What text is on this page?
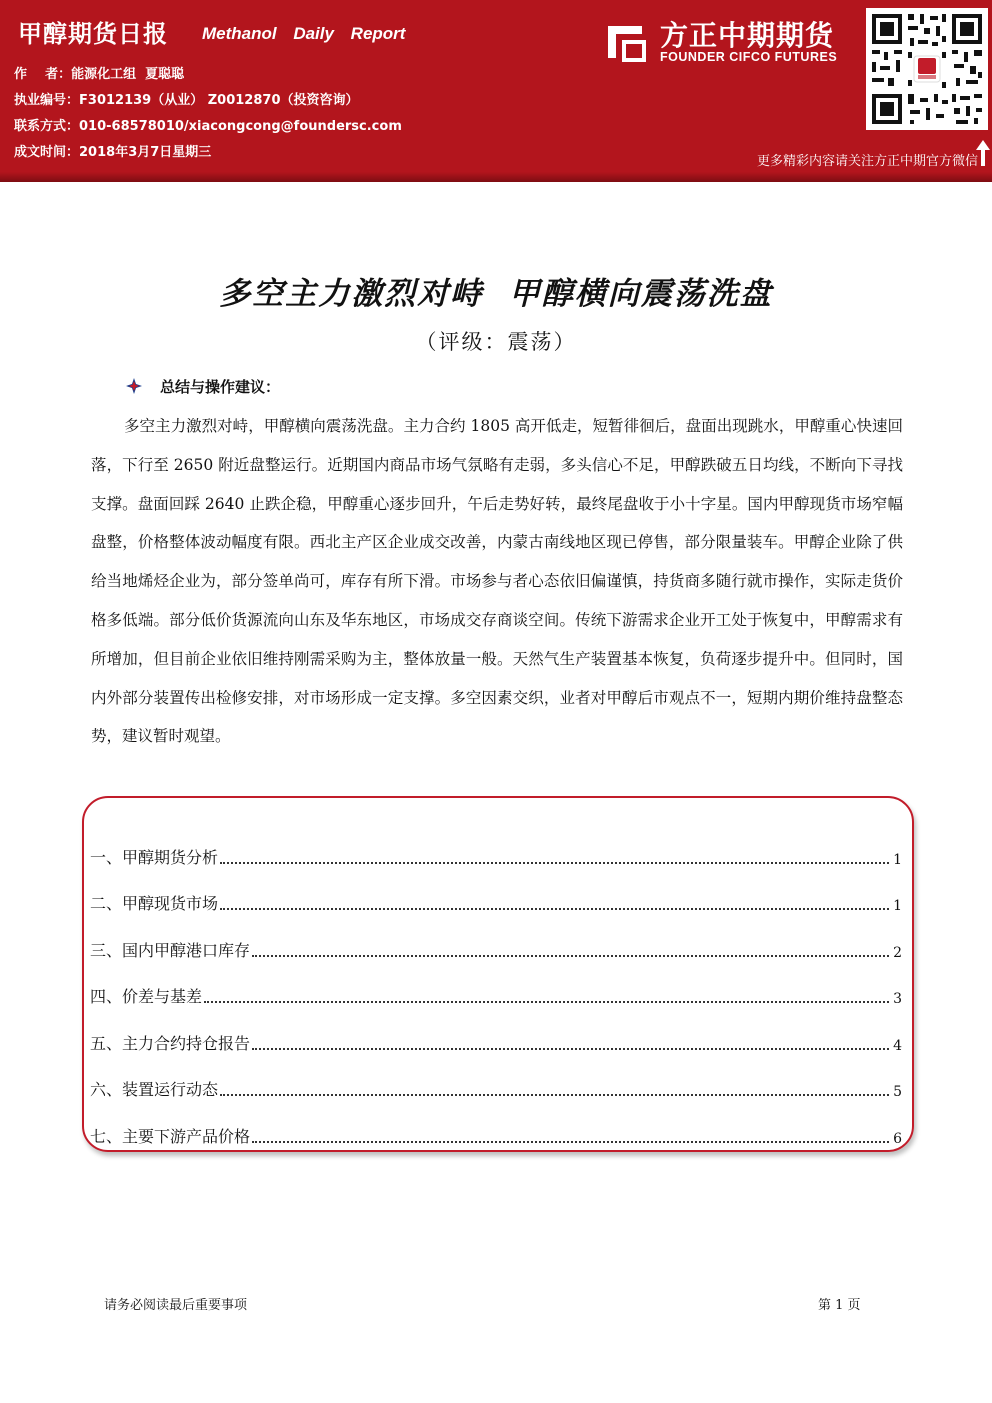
甲醇期货日报 Methanol Daily Report
作    者：能源化工组  夏聪聪
执业编号：F3012139（从业） Z0012870（投资咨询）
联系方式：010-68578010/xiacongcong@foundersc.com
成文时间：2018年3月7日星期三
方正中期期货
FOUNDER CIFCO FUTURES
更多精彩内容请关注方正中期官方微信
多空主力激烈对峙  甲醇横向震荡洗盘
（评级：震荡）
总结与操作建议：

多空主力激烈对峙，甲醇横向震荡洗盘。主力合约 1805 高开低走，短暂徘徊后，盘面出现跳水，甲醇重心快速回落，下行至 2650 附近盘整运行。近期国内商品市场气氛略有走弱，多头信心不足，甲醇跌破五日均线，不断向下寻找支撑。盘面回踩 2640 止跌企稳，甲醇重心逐步回升，午后走势好转，最终尾盘收于小十字星。国内甲醇现货市场窄幅盘整，价格整体波动幅度有限。西北主产区企业成交改善，内蒙古南线地区现已停售，部分限量装车。甲醇企业除了供给当地烯烃企业为，部分签单尚可，库存有所下滑。市场参与者心态依旧偏谨慎，持货商多随行就市操作，实际走货价格多低端。部分低价货源流向山东及华东地区，市场成交存商谈空间。传统下游需求企业开工处于恢复中，甲醇需求有所增加，但目前企业依旧维持刚需采购为主，整体放量一般。天然气生产装置基本恢复，负荷逐步提升中。但同时，国内外部分装置传出检修安排，对市场形成一定支撑。多空因素交织，业者对甲醇后市观点不一，短期内期价维持盘整态势，建议暂时观望。

一、甲醇期货分析	1
二、甲醇现货市场	1
三、国内甲醇港口库存	2
四、价差与基差	3
五、主力合约持仓报告	4
六、装置运行动态	5
七、主要下游产品价格	6
请务必阅读最后重要事项	第 1 页
